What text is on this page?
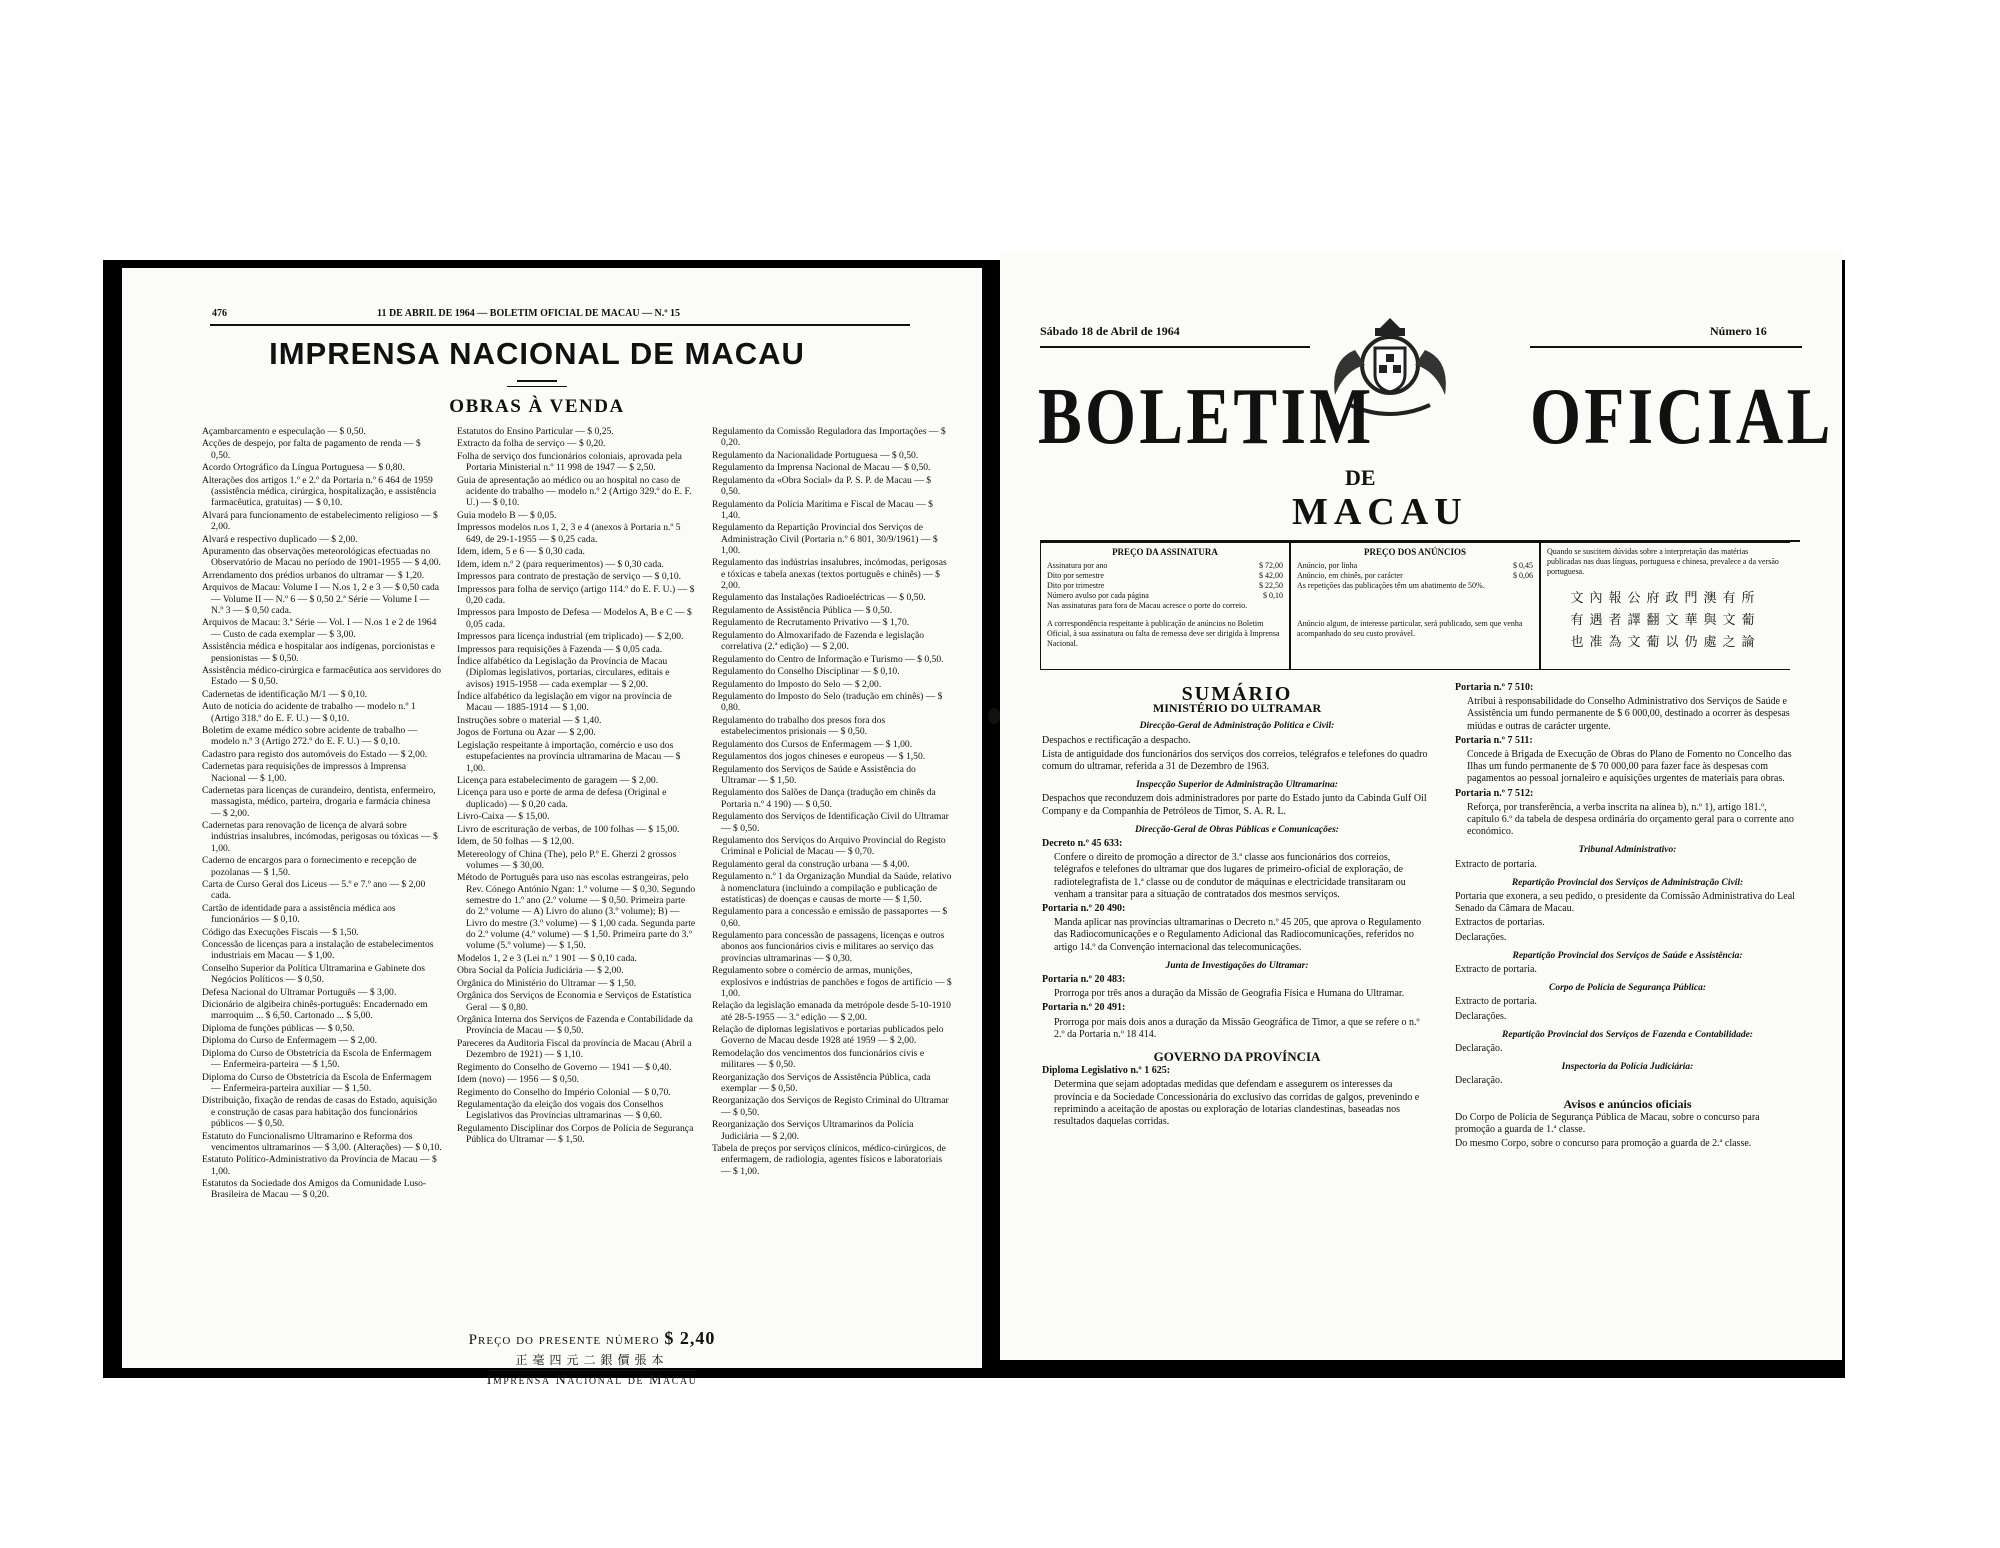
476	11 DE ABRIL DE 1964 — BOLETIM OFICIAL DE MACAU — N.º 15
IMPRENSA NACIONAL DE MACAU
OBRAS À VENDA

Açambarcamento e especulação — $ 0,50.

Acções de despejo, por falta de pagamento de renda — $ 0,50.

Acordo Ortográfico da Língua Portuguesa — $ 0,80.

Alterações dos artigos 1.º e 2.º da Portaria n.º 6 464 de 1959 (assistência médica, cirúrgica, hospitalização, e assistência farmacêutica, gratuitas) — $ 0,10.

Alvará para funcionamento de estabelecimento religioso — $ 2,00.

Alvará e respectivo duplicado — $ 2,00.

Apuramento das observações meteorológicas efectuadas no Observatório de Macau no período de 1901-1955 — $ 4,00.

Arrendamento dos prédios urbanos do ultramar — $ 1,20.

Arquivos de Macau: Volume I — N.os 1, 2 e 3 — $ 0,50 cada — Volume II — N.º 6 — $ 0,50 2.ª Série — Volume I — N.º 3 — $ 0,50 cada.

Arquivos de Macau: 3.ª Série — Vol. I — N.os 1 e 2 de 1964 — Custo de cada exemplar — $ 3,00.

Assistência médica e hospitalar aos indígenas, porcionistas e pensionistas — $ 0,50.

Assistência médico-cirúrgica e farmacêutica aos servidores do Estado — $ 0,50.

Cadernetas de identificação M/1 — $ 0,10.

Auto de notícia do acidente de trabalho — modelo n.º 1 (Artigo 318.º do E. F. U.) — $ 0,10.

Boletim de exame médico sobre acidente de trabalho — modelo n.º 3 (Artigo 272.º do E. F. U.) — $ 0,10.

Cadastro para registo dos automóveis do Estado — $ 2,00.

Cadernetas para requisições de impressos à Imprensa Nacional — $ 1,00.

Cadernetas para licenças de curandeiro, dentista, enfermeiro, massagista, médico, parteira, drogaria e farmácia chinesa — $ 2,00.

Cadernetas para renovação de licença de alvará sobre indústrias insalubres, incómodas, perigosas ou tóxicas — $ 1,00.

Caderno de encargos para o fornecimento e recepção de pozolanas — $ 1,50.

Carta de Curso Geral dos Liceus — 5.º e 7.º ano — $ 2,00 cada.

Cartão de identidade para a assistência médica aos funcionários — $ 0,10.

Código das Execuções Fiscais — $ 1,50.

Concessão de licenças para a instalação de estabelecimentos industriais em Macau — $ 1,00.

Conselho Superior da Política Ultramarina e Gabinete dos Negócios Políticos — $ 0,50.

Defesa Nacional do Ultramar Português — $ 3,00.

Dicionário de algibeira chinês-português: Encadernado em marroquim ... $ 6,50. Cartonado ... $ 5,00.

Diploma de funções públicas — $ 0,50.

Diploma do Curso de Enfermagem — $ 2,00.

Diploma do Curso de Obstetrícia da Escola de Enfermagem — Enfermeira-parteira — $ 1,50.

Diploma do Curso de Obstetrícia da Escola de Enfermagem — Enfermeira-parteira auxiliar — $ 1,50.

Distribuição, fixação de rendas de casas do Estado, aquisição e construção de casas para habitação dos funcionários públicos — $ 0,50.

Estatuto do Funcionalismo Ultramarino e Reforma dos vencimentos ultramarinos — $ 3,00. (Alterações) — $ 0,10.

Estatuto Político-Administrativo da Província de Macau — $ 1,00.

Estatutos da Sociedade dos Amigos da Comunidade Luso-Brasileira de Macau — $ 0,20.

Estatutos do Ensino Particular — $ 0,25.

Extracto da folha de serviço — $ 0,20.

Folha de serviço dos funcionários coloniais, aprovada pela Portaria Ministerial n.º 11 998 de 1947 — $ 2,50.

Guia de apresentação ao médico ou ao hospital no caso de acidente do trabalho — modelo n.º 2 (Artigo 329.º do E. F. U.) — $ 0,10.

Guia modelo B — $ 0,05.

Impressos modelos n.os 1, 2, 3 e 4 (anexos à Portaria n.º 5 649, de 29-1-1955 — $ 0,25 cada.

Idem, idem, 5 e 6 — $ 0,30 cada.

Idem, idem n.º 2 (para requerimentos) — $ 0,30 cada.

Impressos para contrato de prestação de serviço — $ 0,10.

Impressos para folha de serviço (artigo 114.º do E. F. U.) — $ 0,20 cada.

Impressos para Imposto de Defesa — Modelos A, B e C — $ 0,05 cada.

Impressos para licença industrial (em triplicado) — $ 2,00.

Impressos para requisições à Fazenda — $ 0,05 cada.

Índice alfabético da Legislação da Província de Macau (Diplomas legislativos, portarias, circulares, editais e avisos) 1915-1958 — cada exemplar — $ 2,00.

Índice alfabético da legislação em vigor na província de Macau — 1885-1914 — $ 1,00.

Instruções sobre o material — $ 1,40.

Jogos de Fortuna ou Azar — $ 2,00.

Legislação respeitante à importação, comércio e uso dos estupefacientes na província ultramarina de Macau — $ 1,00.

Licença para estabelecimento de garagem — $ 2,00.

Licença para uso e porte de arma de defesa (Original e duplicado) — $ 0,20 cada.

Livro-Caixa — $ 15,00.

Livro de escrituração de verbas, de 100 folhas — $ 15,00.

Idem, de 50 folhas — $ 12,00.

Metereology of China (The), pelo P.º E. Gherzi 2 grossos volumes — $ 30,00.

Método de Português para uso nas escolas estrangeiras, pelo Rev. Cónego António Ngan: 1.º volume — $ 0,30. Segundo semestre do 1.º ano (2.º volume — $ 0,50. Primeira parte do 2.º volume — A) Livro do aluno (3.º volume); B) — Livro do mestre (3.º volume) — $ 1,00 cada. Segunda parte do 2.º volume (4.º volume) — $ 1,50. Primeira parte do 3.º volume (5.º volume) — $ 1,50.

Modelos 1, 2 e 3 (Lei n.º 1 901 — $ 0,10 cada.

Obra Social da Polícia Judiciária — $ 2,00.

Orgânica do Ministério do Ultramar — $ 1,50.

Orgânica dos Serviços de Economia e Serviços de Estatística Geral — $ 0,80.

Orgânica Interna dos Serviços de Fazenda e Contabilidade da Província de Macau — $ 0,50.

Pareceres da Auditoria Fiscal da província de Macau (Abril a Dezembro de 1921) — $ 1,10.

Regimento do Conselho de Governo — 1941 — $ 0,40.

Idem (novo) — 1956 — $ 0,50.

Regimento do Conselho do Império Colonial — $ 0,70.

Regulamentação da eleição dos vogais dos Conselhos Legislativos das Províncias ultramarinas — $ 0,60.

Regulamento Disciplinar dos Corpos de Polícia de Segurança Pública do Ultramar — $ 1,50.

Regulamento da Comissão Reguladora das Importações — $ 0,20.

Regulamento da Nacionalidade Portuguesa — $ 0,50.

Regulamento da Imprensa Nacional de Macau — $ 0,50.

Regulamento da «Obra Social» da P. S. P. de Macau — $ 0,50.

Regulamento da Polícia Marítima e Fiscal de Macau — $ 1,40.

Regulamento da Repartição Provincial dos Serviços de Administração Civil (Portaria n.º 6 801, 30/9/1961) — $ 1,00.

Regulamento das indústrias insalubres, incómodas, perigosas e tóxicas e tabela anexas (textos português e chinês) — $ 2,00.

Regulamento das Instalações Radioeléctricas — $ 0,50.

Regulamento de Assistência Pública — $ 0,50.

Regulamento de Recrutamento Privativo — $ 1,70.

Regulamento do Almoxarifado de Fazenda e legislação correlativa (2.ª edição) — $ 2,00.

Regulamento do Centro de Informação e Turismo — $ 0,50.

Regulamento do Conselho Disciplinar — $ 0,10.

Regulamento do Imposto do Selo — $ 2,00.

Regulamento do Imposto do Selo (tradução em chinês) — $ 0,80.

Regulamento do trabalho dos presos fora dos estabelecimentos prisionais — $ 0,50.

Regulamento dos Cursos de Enfermagem — $ 1,00.

Regulamentos dos jogos chineses e europeus — $ 1,50.

Regulamento dos Serviços de Saúde e Assistência do Ultramar — $ 1,50.

Regulamento dos Salões de Dança (tradução em chinês da Portaria n.º 4 190) — $ 0,50.

Regulamento dos Serviços de Identificação Civil do Ultramar — $ 0,50.

Regulamento dos Serviços do Arquivo Provincial do Registo Criminal e Policial de Macau — $ 0,70.

Regulamento geral da construção urbana — $ 4,00.

Regulamento n.º 1 da Organização Mundial da Saúde, relativo à nomenclatura (incluindo a compilação e publicação de estatísticas) de doenças e causas de morte — $ 1,50.

Regulamento para a concessão e emissão de passaportes — $ 0,60.

Regulamento para concessão de passagens, licenças e outros abonos aos funcionários civis e militares ao serviço das províncias ultramarinas — $ 0,30.

Regulamento sobre o comércio de armas, munições, explosivos e indústrias de panchões e fogos de artifício — $ 1,00.

Relação da legislação emanada da metrópole desde 5-10-1910 até 28-5-1955 — 3.ª edição — $ 2,00.

Relação de diplomas legislativos e portarias publicados pelo Governo de Macau desde 1928 até 1959 — $ 2,00.

Remodelação dos vencimentos dos funcionários civis e militares — $ 0,50.

Reorganização dos Serviços de Assistência Pública, cada exemplar — $ 0,50.

Reorganização dos Serviços de Registo Criminal do Ultramar — $ 0,50.

Reorganização dos Serviços Ultramarinos da Polícia Judiciária — $ 2,00.

Tabela de preços por serviços clínicos, médico-cirúrgicos, de enfermagem, de radiologia, agentes físicos e laboratoriais — $ 1,00.

Preço do presente número $ 2,40
正毫四元二銀價張本
Imprensa Nacional de Macau
Sábado 18 de Abril de 1964	Número 16
BOLETIM OFICIAL
DE
MACAU
PREÇO DA ASSINATURA
Assinatura por ano	$ 72,00
Dito por semestre	$ 42,00
Dito por trimestre	$ 22,50
Número avulso por cada página	$ 0,10
Nas assinaturas para fora de Macau acresce o porte do correio.
A correspondência respeitante à publicação de anúncios no Boletim Oficial, à sua assinatura ou falta de remessa deve ser dirigida à Imprensa Nacional.
PREÇO DOS ANÚNCIOS
Anúncio, por linha	$ 0,45
Anúncio, em chinês, por carácter	$ 0,06
As repetições das publicações têm um abatimento de 50%.
Anúncio algum, de interesse particular, será publicado, sem que venha acompanhado do seu custo provável.
Quando se suscitem dúvidas sobre a interpretação das matérias publicadas nas duas línguas, portuguesa e chinesa, prevalece a da versão portuguesa.
文內報公府政門澳有所
有遇者譯翻文華與文葡
也准為文葡以仍處之論

SUMÁRIO

MINISTÉRIO DO ULTRAMAR

Direcção-Geral de Administração Política e Civil:

Despachos e rectificação a despacho.

Lista de antiguidade dos funcionários dos serviços dos correios, telégrafos e telefones do quadro comum do ultramar, referida a 31 de Dezembro de 1963.

Inspecção Superior de Administração Ultramarina:

Despachos que reconduzem dois administradores por parte do Estado junto da Cabinda Gulf Oil Company e da Companhia de Petróleos de Timor, S. A. R. L.

Direcção-Geral de Obras Públicas e Comunicações:

Decreto n.º 45 633:

Confere o direito de promoção a director de 3.ª classe aos funcionários dos correios, telégrafos e telefones do ultramar que dos lugares de primeiro-oficial de exploração, de radiotelegrafista de 1.ª classe ou de condutor de máquinas e electricidade transitaram ou venham a transitar para a situação de contratados dos mesmos serviços.

Portaria n.º 20 490:

Manda aplicar nas províncias ultramarinas o Decreto n.º 45 205, que aprova o Regulamento das Radiocomunicações e o Regulamento Adicional das Radiocomunicações, referidos no artigo 14.º da Convenção internacional das telecomunicações.

Junta de Investigações do Ultramar:

Portaria n.º 20 483:

Prorroga por três anos a duração da Missão de Geografia Física e Humana do Ultramar.

Portaria n.º 20 491:

Prorroga por mais dois anos a duração da Missão Geográfica de Timor, a que se refere o n.º 2.º da Portaria n.º 18 414.

GOVERNO DA PROVÍNCIA

Diploma Legislativo n.º 1 625:

Determina que sejam adoptadas medidas que defendam e assegurem os interesses da província e da Sociedade Concessionária do exclusivo das corridas de galgos, prevenindo e reprimindo a aceitação de apostas ou exploração de lotarias clandestinas, baseadas nos resultados daquelas corridas.

Portaria n.º 7 510:

Atribui à responsabilidade do Conselho Administrativo dos Serviços de Saúde e Assistência um fundo permanente de $ 6 000,00, destinado a ocorrer às despesas miúdas e outras de carácter urgente.

Portaria n.º 7 511:

Concede à Brigada de Execução de Obras do Plano de Fomento no Concelho das Ilhas um fundo permanente de $ 70 000,00 para fazer face às despesas com pagamentos ao pessoal jornaleiro e aquisições urgentes de materiais para obras.

Portaria n.º 7 512:

Reforça, por transferência, a verba inscrita na alínea b), n.º 1), artigo 181.º, capítulo 6.º da tabela de despesa ordinária do orçamento geral para o corrente ano económico.

Tribunal Administrativo:

Extracto de portaria.

Repartição Provincial dos Serviços de Administração Civil:

Portaria que exonera, a seu pedido, o presidente da Comissão Administrativa do Leal Senado da Câmara de Macau.

Extractos de portarias.

Declarações.

Repartição Provincial dos Serviços de Saúde e Assistência:

Extracto de portaria.

Corpo de Polícia de Segurança Pública:

Extracto de portaria.

Declarações.

Repartição Provincial dos Serviços de Fazenda e Contabilidade:

Declaração.

Inspectoria da Polícia Judiciária:

Declaração.

Avisos e anúncios oficiais

Do Corpo de Polícia de Segurança Pública de Macau, sobre o concurso para promoção a guarda de 1.ª classe.

Do mesmo Corpo, sobre o concurso para promoção a guarda de 2.ª classe.
